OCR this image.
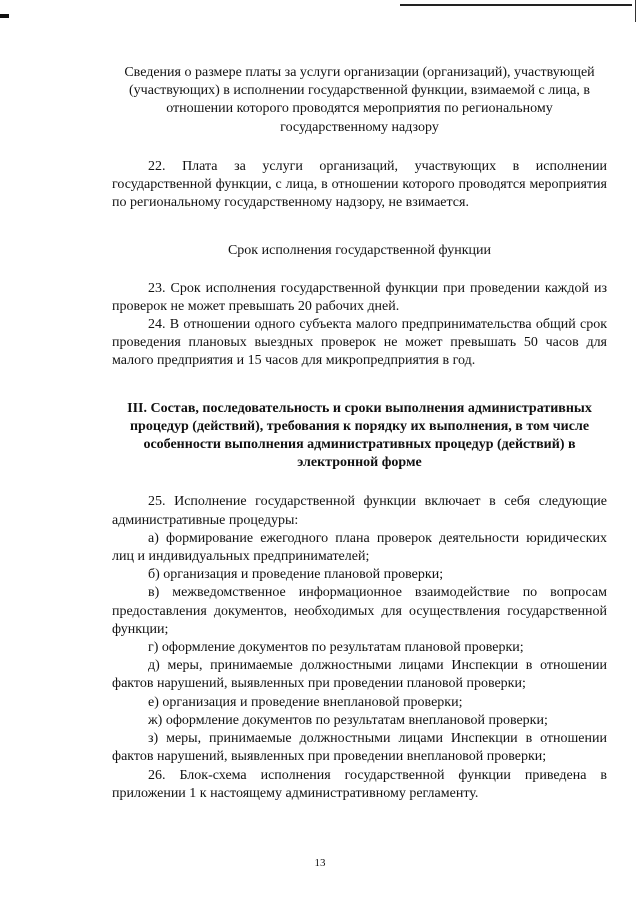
Сведения о размере платы за услуги организации (организаций), участвующей (участвующих) в исполнении государственной функции, взимаемой с лица, в отношении которого проводятся мероприятия по региональному государственному надзору

22. Плата за услуги организаций, участвующих в исполнении государственной функции, с лица, в отношении которого проводятся мероприятия по региональному государственному надзору, не взимается.

Срок исполнения государственной функции

23. Срок исполнения государственной функции при проведении каждой из проверок не может превышать 20 рабочих дней.

24. В отношении одного субъекта малого предпринимательства общий срок проведения плановых выездных проверок не может превышать 50 часов для малого предприятия и 15 часов для микропредприятия в год.

III. Состав, последовательность и сроки выполнения административных процедур (действий), требования к порядку их выполнения, в том числе особенности выполнения административных процедур (действий) в электронной форме

25. Исполнение государственной функции включает в себя следующие административные процедуры:

а) формирование ежегодного плана проверок деятельности юридических лиц и индивидуальных предпринимателей;

б) организация и проведение плановой проверки;

в) межведомственное информационное взаимодействие по вопросам предоставления документов, необходимых для осуществления государственной функции;

г) оформление документов по результатам плановой проверки;

д) меры, принимаемые должностными лицами Инспекции в отношении фактов нарушений, выявленных при проведении плановой проверки;

е) организация и проведение внеплановой проверки;

ж) оформление документов по результатам внеплановой проверки;

з) меры, принимаемые должностными лицами Инспекции в отношении фактов нарушений, выявленных при проведении внеплановой проверки;

26. Блок-схема исполнения государственной функции приведена в приложении 1 к настоящему административному регламенту.

13
